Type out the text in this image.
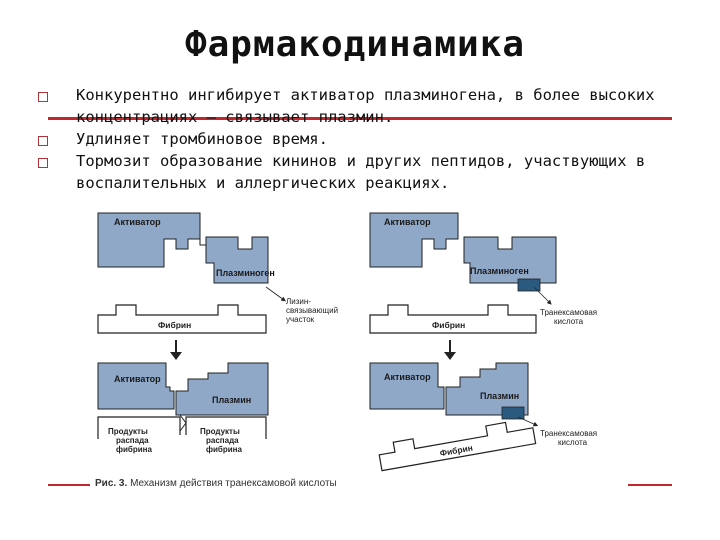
Фармакодинамика
Конкурентно ингибирует активатор плазминогена, в более высоких концентрациях — связывает плазмин.
Удлиняет тромбиновое время.
Тормозит образование кининов и других пептидов, участвующих в воспалительных и аллергических реакциях.
Активатор
Плазминоген
Лизин-
связывающий
участок
Фибрин
Активатор
Плазмин
Продукты
распада
фибрина
Продукты
распада
фибрина
Активатор
Плазминоген
Транексамовая
кислота
Фибрин
Активатор
Плазмин
Транексамовая
кислота
Фибрин
Рис. 3. Механизм действия транексамовой кислоты
